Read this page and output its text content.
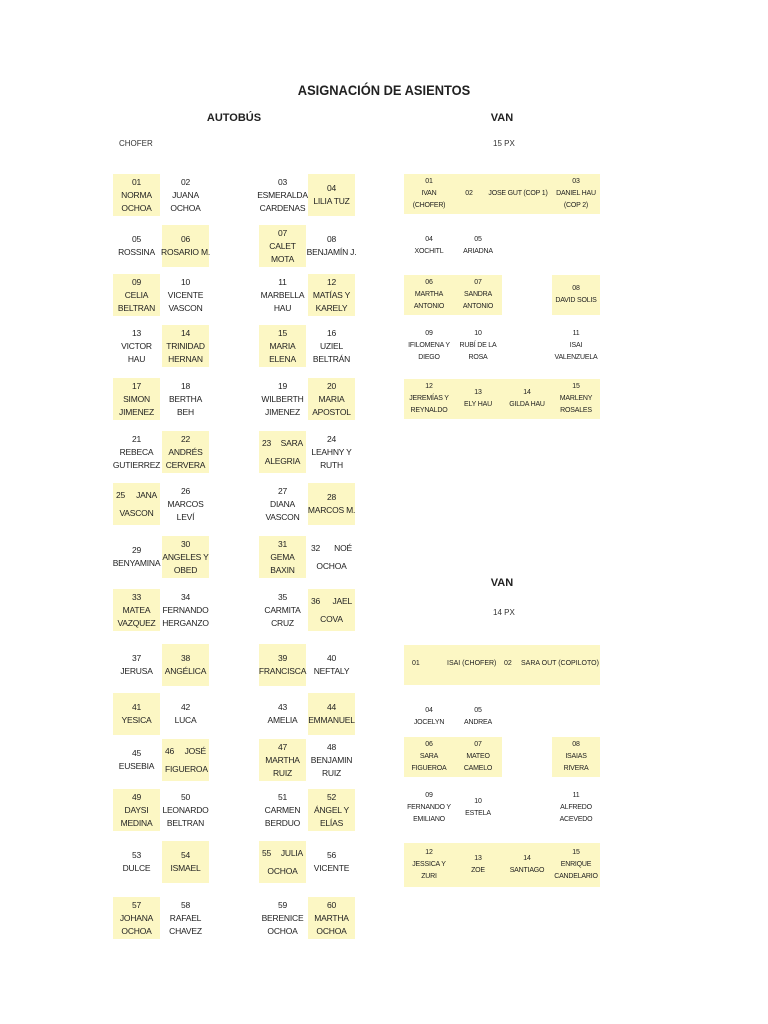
ASIGNACIÓN DE ASIENTOS
AUTOBÚS
CHOFER
01
NORMA
OCHOA
02
JUANA
OCHOA
03
ESMERALDA
CARDENAS
04
LILIA TUZ
05
ROSSINA
06
ROSARIO M.
07
CALET
MOTA
08
BENJAMÍN J.
09
CELIA
BELTRAN
10
VICENTE
VASCON
11
MARBELLA
HAU
12
MATÍAS Y
KARELY
13
VICTOR
HAU
14
TRINIDAD
HERNAN
15
MARIA
ELENA
16
UZIEL
BELTRÁN
17
SIMON
JIMENEZ
18
BERTHA
BEH
19
WILBERTH
JIMENEZ
20
MARIA
APOSTOL
21
REBECA
GUTIERREZ
22
ANDRÉS
CERVERA
23 SARA
ALEGRIA
24
LEAHNY Y
RUTH
25 JANA
VASCON
26
MARCOS
LEVÍ
27
DIANA
VASCON
28
MARCOS M.
29
BENYAMINA
30
ANGELES Y
OBED
31
GEMA
BAXIN
32 NOÉ
OCHOA
33
MATEA
VAZQUEZ
34
FERNANDO
HERGANZO
35
CARMITA
CRUZ
36 JAEL
COVA
37
JERUSA
38
ANGÉLICA
39
FRANCISCA
40
NEFTALY
41
YESICA
42
LUCA
43
AMELIA
44
EMMANUEL
45
EUSEBIA
46 JOSÉ
FIGUEROA
47
MARTHA
RUIZ
48
BENJAMIN
RUIZ
49
DAYSI
MEDINA
50
LEONARDO
BELTRAN
51
CARMEN
BERDUO
52
ÁNGEL Y
ELÍAS
53
DULCE
54
ISMAEL
55 JULIA
OCHOA
56
VICENTE
57
JOHANA
OCHOA
58
RAFAEL
CHAVEZ
59
BERENICE
OCHOA
60
MARTHA
OCHOA
VAN
15 PX
01
IVAN
(CHOFER)
02 JOSE GUT (COP 1)
03
DANIEL HAU
(COP 2)
04
XOCHITL
05
ARIADNA
06
MARTHA
ANTONIO
07
SANDRA
ANTONIO
08
DAVID SOLIS
09
IFILOMENA Y
DIEGO
10
RUBÍ DE LA
ROSA
11
ISAI
VALENZUELA
12
JEREMÍAS Y
REYNALDO
13
ELY HAU
14
GILDA HAU
15
MARLENY
ROSALES
VAN
14 PX
01	ISAI (CHOFER) 02 SARA OUT (COPILOTO)
04
JOCELYN
05
ANDREA
06
SARA
FIGUEROA
07
MATEO
CAMELO
08
ISAIAS
RIVERA
09
FERNANDO Y
EMILIANO
10
ESTELA
11
ALFREDO
ACEVEDO
12
JESSICA Y
ZURI
13
ZOE
14
SANTIAGO
15
ENRIQUE
CANDELARIO
